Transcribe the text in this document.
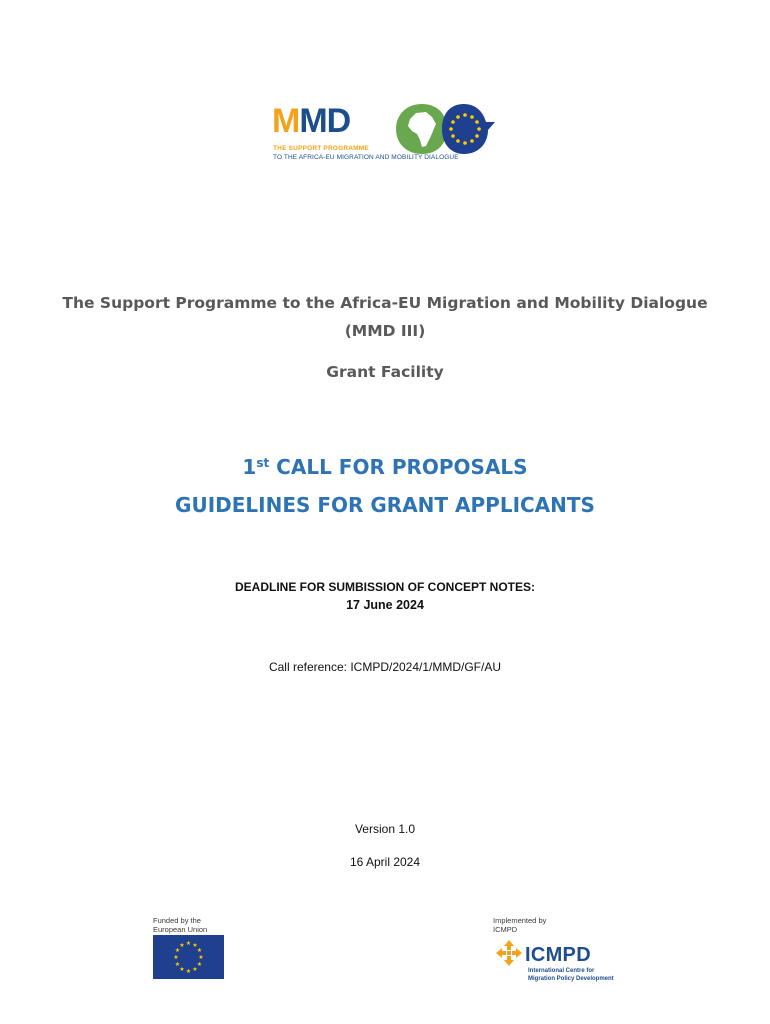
MMD
THE SUPPORT PROGRAMME
TO THE AFRICA-EU MIGRATION AND MOBILITY DIALOGUE
The Support Programme to the Africa-EU Migration and Mobility Dialogue
(MMD III)
Grant Facility
1st CALL FOR PROPOSALS
GUIDELINES FOR GRANT APPLICANTS
DEADLINE FOR SUMBISSION OF CONCEPT NOTES:
17 June 2024
Call reference: ICMPD/2024/1/MMD/GF/AU
Version 1.0
16 April 2024
Funded by the
European Union
★ ★
★
★
★
★
★
★
★
★
★
★
Implemented by
ICMPD
ICMPD
International Centre for
Migration Policy Development
